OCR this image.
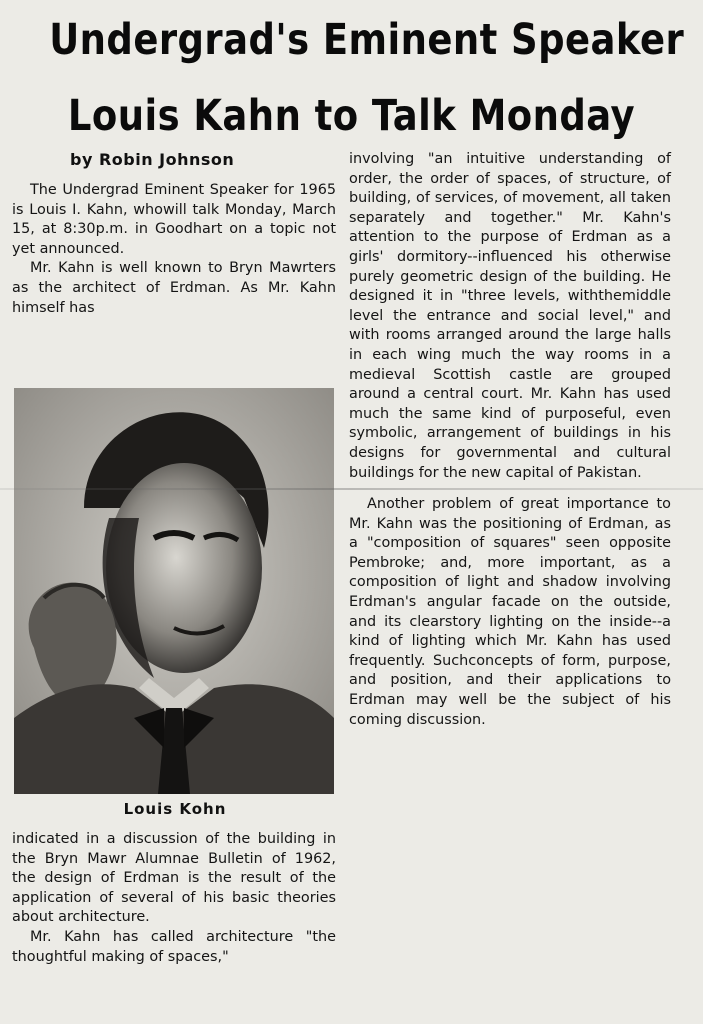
Undergrad's Eminent Speaker
Louis Kahn to Talk Monday
by Robin Johnson

The Undergrad Eminent Speaker for 1965 is Louis I. Kahn, whowill talk Monday, March 15, at 8:30p.m. in Goodhart on a topic not yet announced.

Mr. Kahn is well known to Bryn Mawrters as the architect of Erdman. As Mr. Kahn himself has

Louis Kohn

indicated in a discussion of the building in the Bryn Mawr Alumnae Bulletin of 1962, the design of Erdman is the result of the application of several of his basic theories about architecture.

Mr. Kahn has called architecture "the thoughtful making of spaces,"

involving "an intuitive understanding of order, the order of spaces, of structure, of building, of services, of movement, all taken separately and together." Mr. Kahn's attention to the purpose of Erdman as a girls' dormitory--influenced his otherwise purely geometric design of the building. He designed it in "three levels, withthemiddle level the entrance and social level," and with rooms arranged around the large halls in each wing much the way rooms in a medieval Scottish castle are grouped around a central court. Mr. Kahn has used much the same kind of purposeful, even symbolic, arrangement of buildings in his designs for governmental and cultural buildings for the new capital of Pakistan.

Another problem of great importance to Mr. Kahn was the positioning of Erdman, as a "composition of squares" seen opposite Pembroke; and, more important, as a composition of light and shadow involving Erdman's angular facade on the outside, and its clearstory lighting on the inside--a kind of lighting which Mr. Kahn has used frequently. Suchconcepts of form, purpose, and position, and their applications to Erdman may well be the subject of his coming discussion.
